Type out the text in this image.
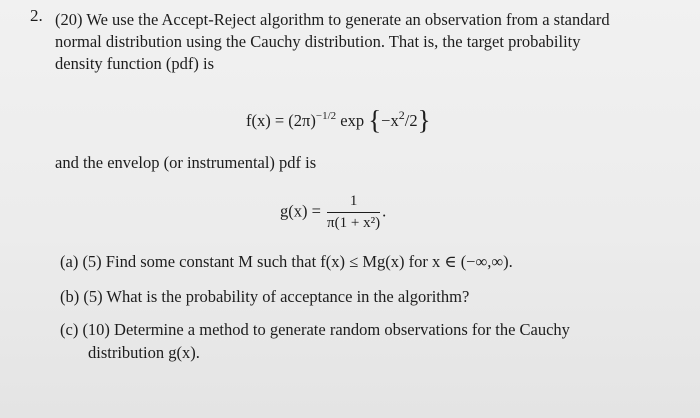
2. (20) We use the Accept-Reject algorithm to generate an observation from a standard
normal distribution using the Cauchy distribution. That is, the target probability
density function (pdf) is
$f(x) = (2\pi)^{-1/2}$ $\exp \{-x^2/2\}$
and the envelop (or instrumental) pdf is
$g(x) = \frac{1}{\text{π(1 + x²)}}$ .
(a) (5) Find some constant M such that f(x) ≤ Mg(x) for x ∈ (−∞,∞).
(b) (5) What is the probability of acceptance in the algorithm?
(c) (10) Determine a method to generate random observations for the Cauchy
distribution g(x).
